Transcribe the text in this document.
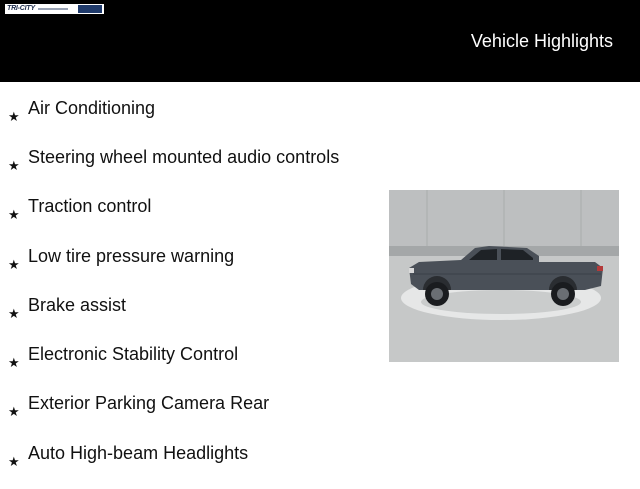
TRI-CITY
Vehicle Highlights
★ Air Conditioning
★ Steering wheel mounted audio controls
★ Traction control
★ Low tire pressure warning
★ Brake assist
★ Electronic Stability Control
★ Exterior Parking Camera Rear
★ Auto High-beam Headlights
